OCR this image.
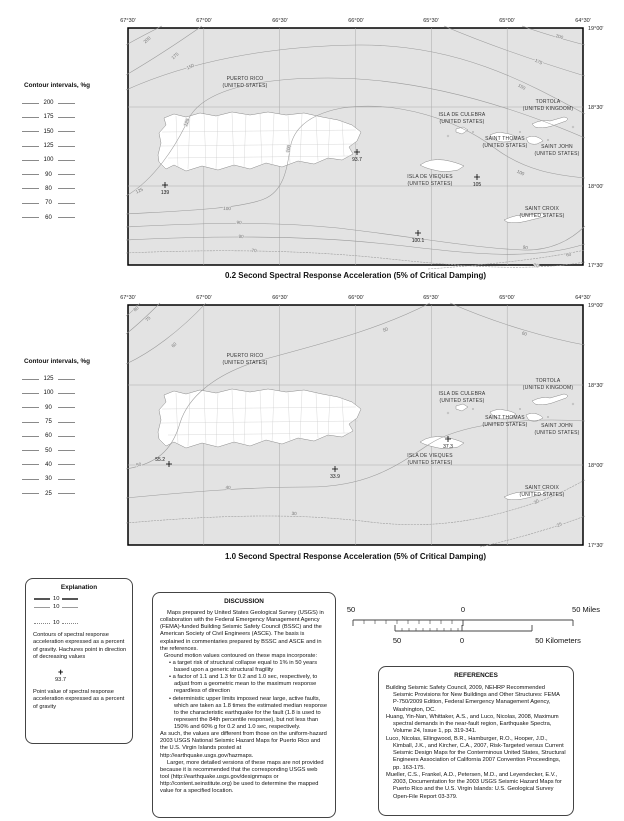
Contour intervals, %g
200
175
150
125
100
90
80
70
60
200
175
150
125
125
200
175
150
100
100
90
80
70
100
90
70
60
PUERTO RICO
(UNITED STATES)
ISLA DE CULEBRA
(UNITED STATES)
TORTOLA
(UNITED KINGDOM)
SAINT THOMAS
(UNITED STATES)	SAINT JOHN
(UNITED STATES)
ISLA DE VIEQUES
(UNITED STATES)
SAINT CROIX
(UNITED STATES)
139
93.7
105
100.1
67°30'	67°00'	66°30'	66°00'	65°30'	65°00'	64°30'
19°00'
18°30'
18°00'
17°30'
0.2 Second Spectral Response Acceleration (5% of Critical Damping)
Contour intervals, %g
125
100
90
75
60
50
40
30
25
80
75
60
50
60
50
40
30
30
25
PUERTO RICO
(UNITED STATES)
ISLA DE CULEBRA
(UNITED STATES)
TORTOLA
(UNITED KINGDOM)
SAINT THOMAS
(UNITED STATES)	SAINT JOHN
(UNITED STATES)
ISLA DE VIEQUES
(UNITED STATES)
SAINT CROIX
(UNITED STATES)
55.2
33.9
37.3
67°30'	67°00'	66°30'	66°00'	65°30'	65°00'	64°30'
19°00'
18°30'
18°00'
17°30'
1.0 Second Spectral Response Acceleration (5% of Critical Damping)
Explanation
10
10
10
Contours of spectral response acceleration expressed as a percent of gravity. Hachures point in direction of decreasing values
+
93.7
Point value of spectral response acceleration expressed as a percent of gravity
DISCUSSION
Maps prepared by United States Geological Survey (USGS) in collaboration with the Federal Emergency Management Agency (FEMA)-funded Building Seismic Safety Council (BSSC) and the American Society of Civil Engineers (ASCE). The basis is explained in commentaries prepared by BSSC and ASCE and in the references.
Ground motion values contoured on these maps incorporate:
• a target risk of structural collapse equal to 1% in 50 years based upon a generic structural fragility
• a factor of 1.1 and 1.3 for 0.2 and 1.0 sec, respectively, to adjust from a geometric mean to the maximum response regardless of direction
• deterministic upper limits imposed near large, active faults, which are taken as 1.8 times the estimated median response to the characteristic earthquake for the fault (1.8 is used to represent the 84th percentile response), but not less than 150% and 60% g for 0.2 and 1.0 sec, respectively.
As such, the values are different from those on the uniform-hazard 2003 USGS National Seismic Hazard Maps for Puerto Rico and the U.S. Virgin Islands posted at http://earthquake.usgs.gov/hazmaps.
Larger, more detailed versions of these maps are not provided because it is recommended that the corresponding USGS web tool (http://earthquake.usgs.gov/designmaps or http://content.seinstitute.org) be used to determine the mapped value for a specified location.
50	0	50 Miles
50	0	50 Kilometers
REFERENCES
Building Seismic Safety Council, 2009, NEHRP Recommended Seismic Provisions for New Buildings and Other Structures: FEMA P-750/2009 Edition, Federal Emergency Management Agency, Washington, DC.
Huang, Yin-Nan, Whittaker, A.S., and Luco, Nicolas, 2008, Maximum spectral demands in the near-fault region, Earthquake Spectra, Volume 24, Issue 1, pp. 319-341.
Luco, Nicolas, Ellingwood, B.R., Hamburger, R.O., Hooper, J.D., Kimball, J.K., and Kircher, C.A., 2007, Risk-Targeted versus Current Seismic Design Maps for the Conterminous United States, Structural Engineers Association of California 2007 Convention Proceedings, pp. 163-175.
Mueller, C.S., Frankel, A.D., Petersen, M.D., and Leyendecker, E.V., 2003, Documentation for the 2003 USGS Seismic Hazard Maps for Puerto Rico and the U.S. Virgin Islands: U.S. Geological Survey Open-File Report 03-379.
